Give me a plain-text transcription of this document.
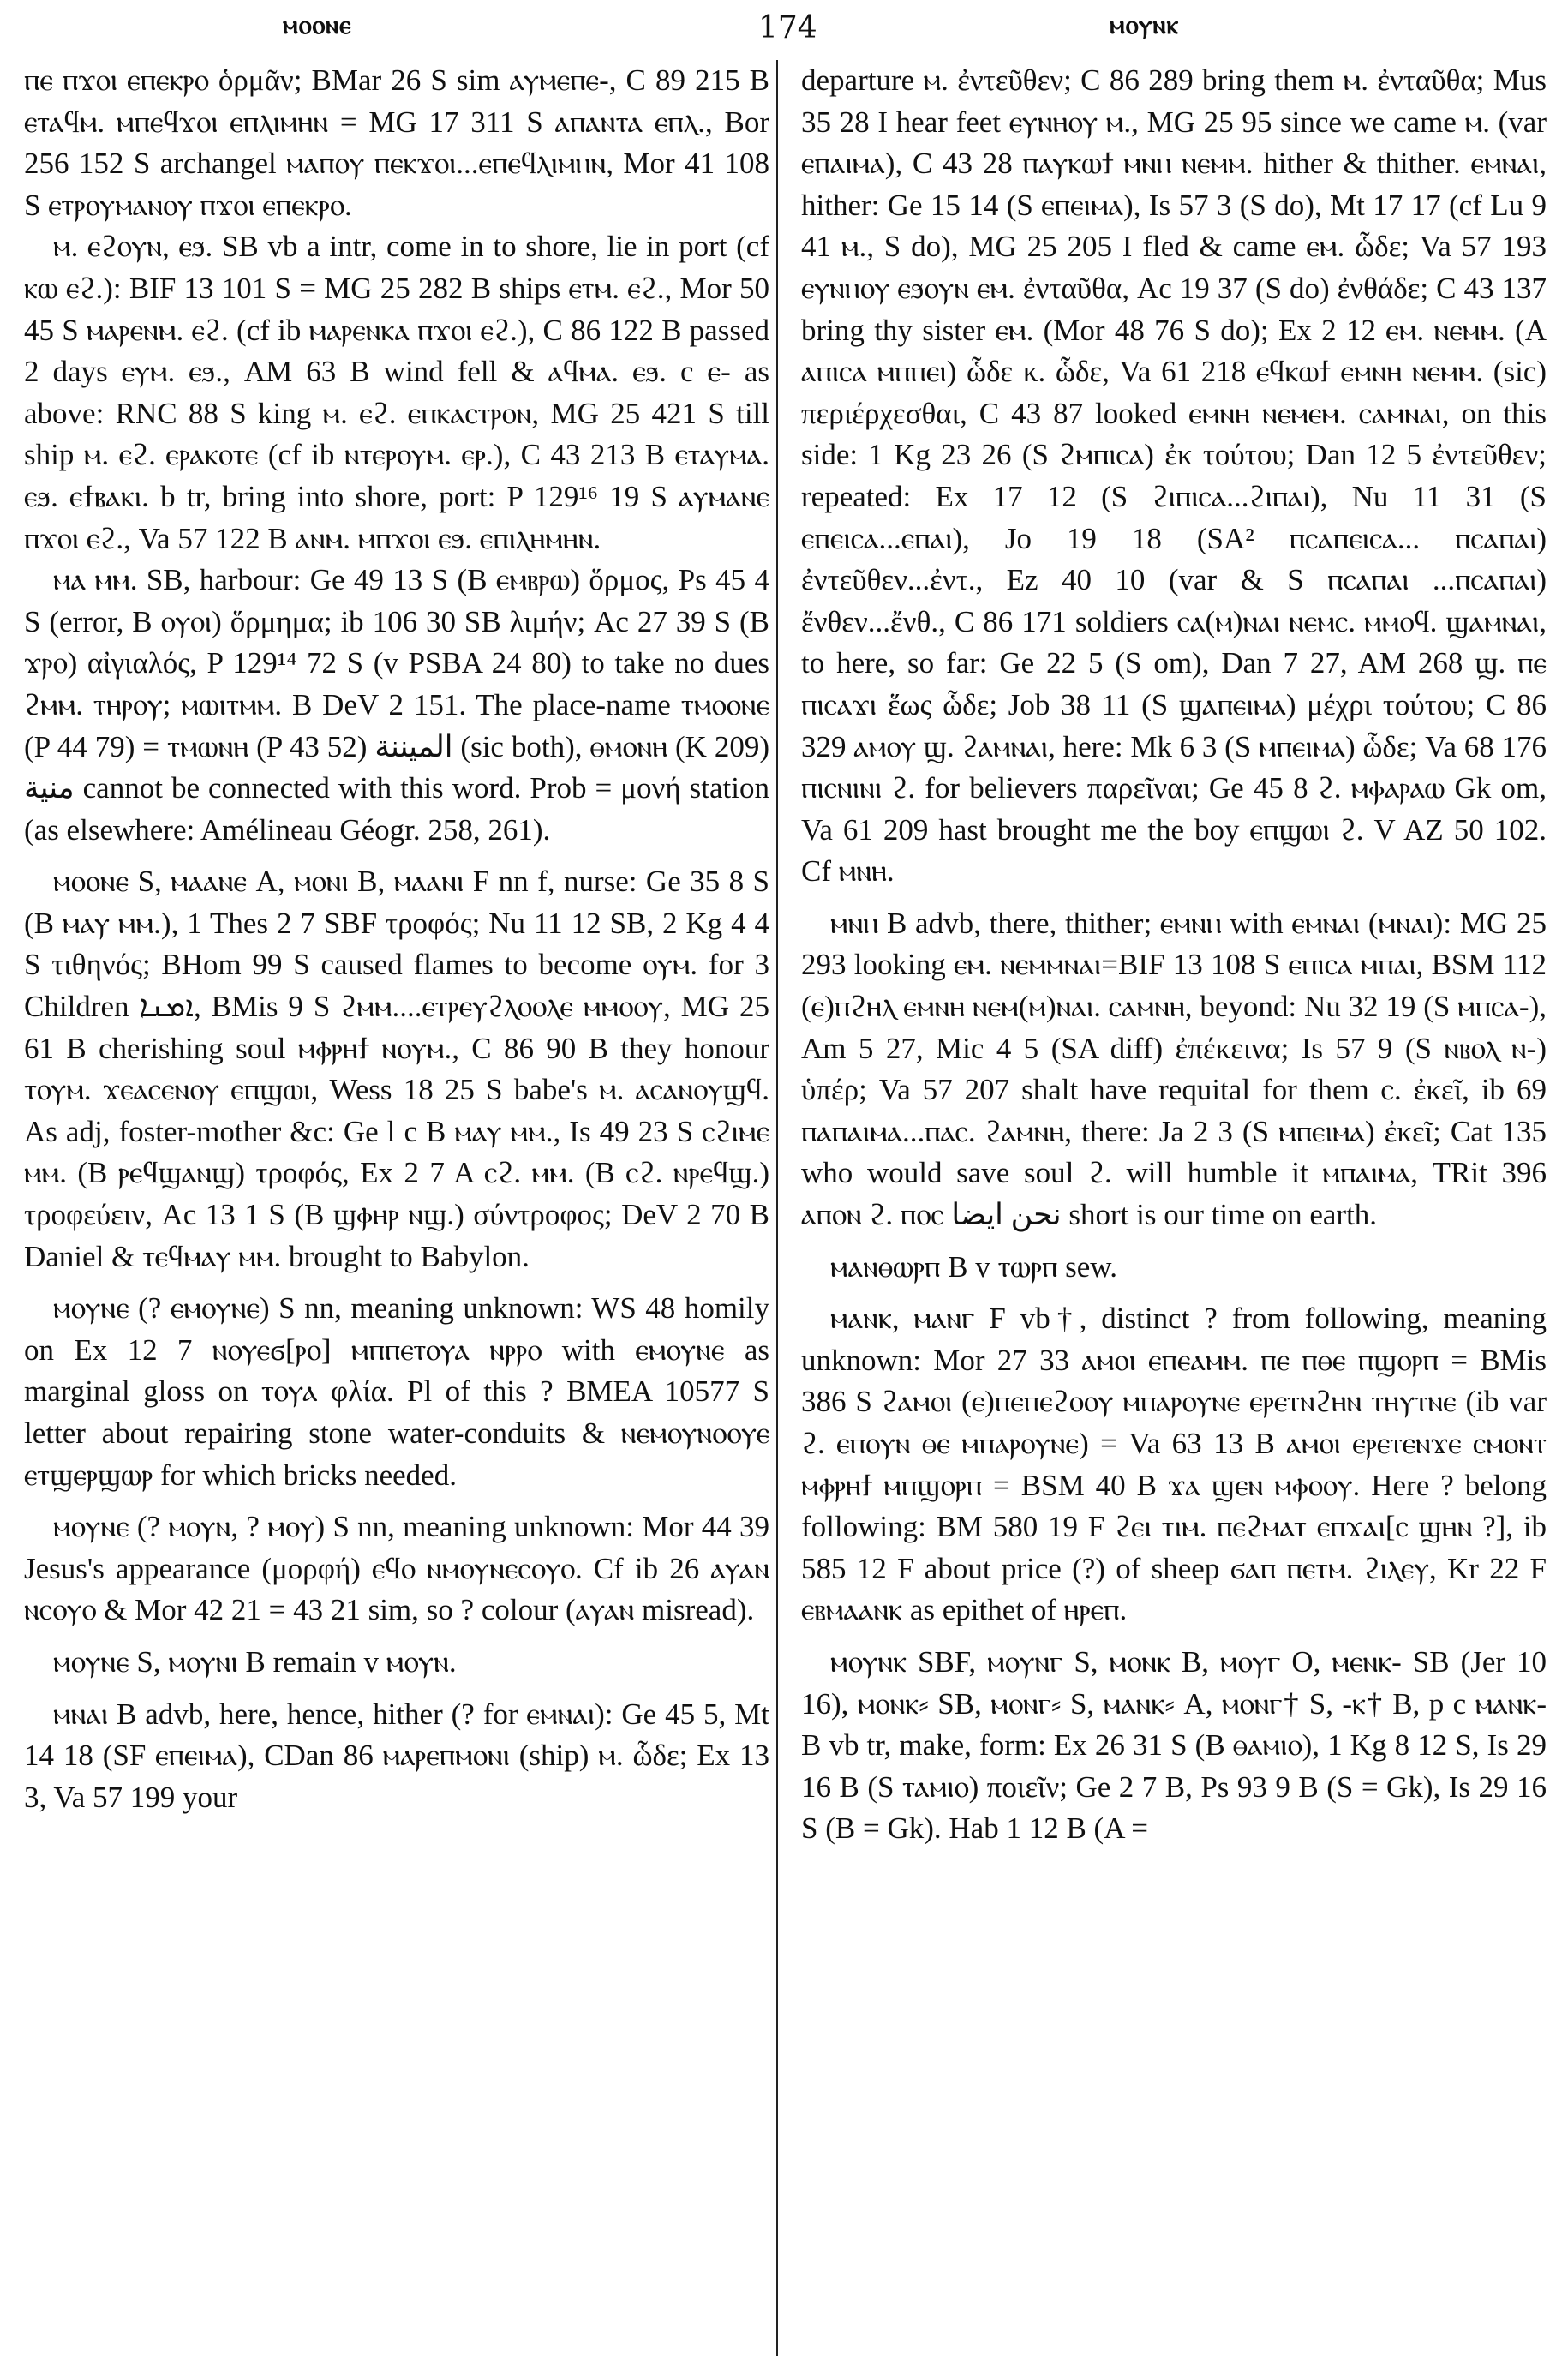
ⲙⲟⲟⲛⲉ	174	ⲙⲟⲩⲛⲕ

ⲡⲉ ⲡϫⲟⲓ ⲉⲡⲉⲕⲣⲟ ὁρμᾶν; BMar 26 S sim ⲁⲩⲙⲉⲡⲉ-, C 89 215 B ⲉⲧⲁϥⲙ. ⲙⲡⲉϥϫⲟⲓ ⲉⲡⲗⲓⲙⲏⲛ = MG 17 311 S ⲁⲡⲁⲛⲧⲁ ⲉⲡⲗ., Bor 256 152 S archangel ⲙⲁⲡⲟⲩ ⲡⲉⲕϫⲟⲓ...ⲉⲡⲉϥⲗⲓⲙⲏⲛ, Mor 41 108 S ⲉⲧⲣⲟⲩⲙⲁⲛⲟⲩ ⲡϫⲟⲓ ⲉⲡⲉⲕⲣⲟ.

ⲙ. ⲉϩⲟⲩⲛ, ⲉϧ. SB vb a intr, come in to shore, lie in port (cf ⲕⲱ ⲉϩ.): BIF 13 101 S = MG 25 282 B ships ⲉⲧⲙ. ⲉϩ., Mor 50 45 S ⲙⲁⲣⲉⲛⲙ. ⲉϩ. (cf ib ⲙⲁⲣⲉⲛⲕⲁ ⲡϫⲟⲓ ⲉϩ.), C 86 122 B passed 2 days ⲉⲩⲙ. ⲉϧ., AM 63 B wind fell & ⲁϥⲙⲁ. ⲉϧ. c ⲉ- as above: RNC 88 S king ⲙ. ⲉϩ. ⲉⲡⲕⲁⲥⲧⲣⲟⲛ, MG 25 421 S till ship ⲙ. ⲉϩ. ⲉⲣⲁⲕⲟⲧⲉ (cf ib ⲛⲧⲉⲣⲟⲩⲙ. ⲉⲣ.), C 43 213 B ⲉⲧⲁⲩⲙⲁ. ⲉϧ. ⲉϯⲃⲁⲕⲓ. b tr, bring into shore, port: P 129¹⁶ 19 S ⲁⲩⲙⲁⲛⲉ ⲡϫⲟⲓ ⲉϩ., Va 57 122 B ⲁⲛⲙ. ⲙⲡϫⲟⲓ ⲉϧ. ⲉⲡⲓⲗⲏⲙⲏⲛ.

ⲙⲁ ⲙⲙ. SB, harbour: Ge 49 13 S (B ⲉⲙⲃⲣⲱ) ὅρμος, Ps 45 4 S (error, B ⲟⲩⲟⲓ) ὅρμημα; ib 106 30 SB λιμήν; Ac 27 39 S (B ϫⲣⲟ) αἰγιαλός, P 129¹⁴ 72 S (v PSBA 24 80) to take no dues ϩⲙⲙ. ⲧⲏⲣⲟⲩ; ⲙⲱⲓⲧⲙⲙ. B DeV 2 151. The place-name ⲧⲙⲟⲟⲛⲉ (P 44 79) = ⲧⲙⲱⲛⲏ (P 43 52) الميننة (sic both), ⲑⲙⲟⲛⲏ (K 209) منية cannot be connected with this word. Prob = μονή station (as elsewhere: Amélineau Géogr. 258, 261).

ⲙⲟⲟⲛⲉ S, ⲙⲁⲁⲛⲉ A, ⲙⲟⲛⲓ B, ⲙⲁⲁⲛⲓ F nn f, nurse: Ge 35 8 S (B ⲙⲁⲩ ⲙⲙ.), 1 Thes 2 7 SBF τροφός; Nu 11 12 SB, 2 Kg 4 4 S τιθηνός; BHom 99 S caused flames to become ⲟⲩⲙ. for 3 Children ܐܡܢܐ, BMis 9 S ϩⲙⲙ....ⲉⲧⲣⲉⲩϩⲗⲟⲟⲗⲉ ⲙⲙⲟⲟⲩ, MG 25 61 B cherishing soul ⲙⲫⲣⲏϯ ⲛⲟⲩⲙ., C 86 90 B they honour ⲧⲟⲩⲙ. ϫⲉⲁⲥⲉⲛⲟⲩ ⲉⲡϣⲱⲓ, Wess 18 25 S babe's ⲙ. ⲁⲥⲁⲛⲟⲩϣϥ. As adj, foster-mother &c: Ge l c B ⲙⲁⲩ ⲙⲙ., Is 49 23 S ⲥϩⲓⲙⲉ ⲙⲙ. (B ⲣⲉϥϣⲁⲛϣ) τροφός, Ex 2 7 A ⲥϩ. ⲙⲙ. (B ⲥϩ. ⲛⲣⲉϥϣ.) τροφεύειν, Ac 13 1 S (B ϣⲫⲏⲣ ⲛϣ.) σύντροφος; DeV 2 70 B Daniel & ⲧⲉϥⲙⲁⲩ ⲙⲙ. brought to Babylon.

ⲙⲟⲩⲛⲉ (? ⲉⲙⲟⲩⲛⲉ) S nn, meaning unknown: WS 48 homily on Ex 12 7 ⲛⲟⲩⲉϭ[ⲣⲟ] ⲙⲡⲡⲉⲧⲟⲩⲁ ⲛⲣⲣⲟ with ⲉⲙⲟⲩⲛⲉ as marginal gloss on ⲧⲟⲩⲁ φλία. Pl of this ? BMEA 10577 S letter about repairing stone water-conduits & ⲛⲉⲙⲟⲩⲛⲟⲟⲩⲉ ⲉⲧϣⲉⲣϣⲱⲣ for which bricks needed.

ⲙⲟⲩⲛⲉ (? ⲙⲟⲩⲛ, ? ⲙⲟⲩ) S nn, meaning unknown: Mor 44 39 Jesus's appearance (μορφή) ⲉϥⲟ ⲛⲙⲟⲩⲛⲉⲥⲟⲩⲟ. Cf ib 26 ⲁⲩⲁⲛ ⲛⲥⲟⲩⲟ & Mor 42 21 = 43 21 sim, so ? colour (ⲁⲩⲁⲛ misread).

ⲙⲟⲩⲛⲉ S, ⲙⲟⲩⲛⲓ B remain v ⲙⲟⲩⲛ.

ⲙⲛⲁⲓ B advb, here, hence, hither (? for ⲉⲙⲛⲁⲓ): Ge 45 5, Mt 14 18 (SF ⲉⲡⲉⲓⲙⲁ), CDan 86 ⲙⲁⲣⲉⲡⲙⲟⲛⲓ (ship) ⲙ. ὧδε; Ex 13 3, Va 57 199 your

departure ⲙ. ἐντεῦθεν; C 86 289 bring them ⲙ. ἐνταῦθα; Mus 35 28 I hear feet ⲉⲩⲛⲏⲟⲩ ⲙ., MG 25 95 since we came ⲙ. (var ⲉⲡⲁⲓⲙⲁ), C 43 28 ⲡⲁⲩⲕⲱϯ ⲙⲛⲏ ⲛⲉⲙⲙ. hither & thither. ⲉⲙⲛⲁⲓ, hither: Ge 15 14 (S ⲉⲡⲉⲓⲙⲁ), Is 57 3 (S do), Mt 17 17 (cf Lu 9 41 ⲙ., S do), MG 25 205 I fled & came ⲉⲙ. ὧδε; Va 57 193 ⲉⲩⲛⲏⲟⲩ ⲉϧⲟⲩⲛ ⲉⲙ. ἐνταῦθα, Ac 19 37 (S do) ἐνθάδε; C 43 137 bring thy sister ⲉⲙ. (Mor 48 76 S do); Ex 2 12 ⲉⲙ. ⲛⲉⲙⲙ. (A ⲁⲡⲓⲥⲁ ⲙⲡⲡⲉⲓ) ὧδε κ. ὧδε, Va 61 218 ⲉϥⲕⲱϯ ⲉⲙⲛⲏ ⲛⲉⲙⲙ. (sic) περιέρχεσθαι, C 43 87 looked ⲉⲙⲛⲏ ⲛⲉⲙⲉⲙ. ⲥⲁⲙⲛⲁⲓ, on this side: 1 Kg 23 26 (S ϩⲙⲡⲓⲥⲁ) ἐκ τούτου; Dan 12 5 ἐντεῦθεν; repeated: Ex 17 12 (S ϩⲓⲡⲓⲥⲁ...ϩⲓⲡⲁⲓ), Nu 11 31 (S ⲉⲡⲉⲓⲥⲁ...ⲉⲡⲁⲓ), Jo 19 18 (SA² ⲡⲥⲁⲡⲉⲓⲥⲁ... ⲡⲥⲁⲡⲁⲓ) ἐντεῦθεν...ἐντ., Ez 40 10 (var & S ⲡⲥⲁⲡⲁⲓ ...ⲡⲥⲁⲡⲁⲓ) ἔνθεν...ἔνθ., C 86 171 soldiers ⲥⲁ(ⲙ)ⲛⲁⲓ ⲛⲉⲙⲥ. ⲙⲙⲟϥ. ϣⲁⲙⲛⲁⲓ, to here, so far: Ge 22 5 (S om), Dan 7 27, AM 268 ϣ. ⲡⲉ ⲡⲓⲥⲁϫⲓ ἕως ὧδε; Job 38 11 (S ϣⲁⲡⲉⲓⲙⲁ) μέχρι τούτου; C 86 329 ⲁⲙⲟⲩ ϣ. ϩⲁⲙⲛⲁⲓ, here: Mk 6 3 (S ⲙⲡⲉⲓⲙⲁ) ὧδε; Va 68 176 ⲡⲓⲥⲛⲓⲛⲓ ϩ. for believers παρεῖναι; Ge 45 8 ϩ. ⲙⲫⲁⲣⲁⲱ Gk om, Va 61 209 hast brought me the boy ⲉⲡϣⲱⲓ ϩ. V AZ 50 102. Cf ⲙⲛⲏ.

ⲙⲛⲏ B advb, there, thither; ⲉⲙⲛⲏ with ⲉⲙⲛⲁⲓ (ⲙⲛⲁⲓ): MG 25 293 looking ⲉⲙ. ⲛⲉⲙⲙⲛⲁⲓ=BIF 13 108 S ⲉⲡⲓⲥⲁ ⲙⲡⲁⲓ, BSM 112 (ⲉ)ⲡϩⲏⲗ ⲉⲙⲛⲏ ⲛⲉⲙ(ⲙ)ⲛⲁⲓ. ⲥⲁⲙⲛⲏ, beyond: Nu 32 19 (S ⲙⲡⲥⲁ-), Am 5 27, Mic 4 5 (SA diff) ἐπέκεινα; Is 57 9 (S ⲛⲃⲟⲗ ⲛ-) ὑπέρ; Va 57 207 shalt have requital for them ⲥ. ἐκεῖ, ib 69 ⲡⲁⲡⲁⲓⲙⲁ...ⲡⲁⲥ. ϩⲁⲙⲛⲏ, there: Ja 2 3 (S ⲙⲡⲉⲓⲙⲁ) ἐκεῖ; Cat 135 who would save soul ϩ. will humble it ⲙⲡⲁⲓⲙⲁ, TRit 396 ⲁⲡⲟⲛ ϩ. ⲡⲟⲥ نحن ايضا short is our time on earth.

ⲙⲁⲛⲑⲱⲣⲡ B v ⲧⲱⲣⲡ sew.

ⲙⲁⲛⲕ, ⲙⲁⲛⲅ F vb†, distinct ? from following, meaning unknown: Mor 27 33 ⲁⲙⲟⲓ ⲉⲡⲉⲁⲙⲙ. ⲡⲉ ⲡⲑⲉ ⲡϣⲟⲣⲡ = BMis 386 S ϩⲁⲙⲟⲓ (ⲉ)ⲡⲉⲡⲉϩⲟⲟⲩ ⲙⲡⲁⲣⲟⲩⲛⲉ ⲉⲣⲉⲧⲛϩⲏⲛ ⲧⲏⲩⲧⲛⲉ (ib var ϩ. ⲉⲡⲟⲩⲛ ⲑⲉ ⲙⲡⲁⲣⲟⲩⲛⲉ) = Va 63 13 B ⲁⲙⲟⲓ ⲉⲣⲉⲧⲉⲛϫⲉ ⲥⲙⲟⲛⲧ ⲙⲫⲣⲏϯ ⲙⲡϣⲟⲣⲡ = BSM 40 B ϫⲁ ϣⲉⲛ ⲙⲫⲟⲟⲩ. Here ? belong following: BM 580 19 F ϩⲉⲓ ⲧⲓⲙ. ⲡⲉϩⲙⲁⲧ ⲉⲡϫⲁⲓ[ⲥ ϣⲏⲛ ?], ib 585 12 F about price (?) of sheep ϭⲁⲡ ⲡⲉⲧⲙ. ϩⲓⲗⲉⲩ, Kr 22 F ⲉⲃⲙⲁⲁⲛⲕ as epithet of ⲏⲣⲉⲡ.

ⲙⲟⲩⲛⲕ SBF, ⲙⲟⲩⲛⲅ S, ⲙⲟⲛⲕ B, ⲙⲟⲩⲅ O, ⲙⲉⲛⲕ- SB (Jer 10 16), ⲙⲟⲛⲕ⸗ SB, ⲙⲟⲛⲅ⸗ S, ⲙⲁⲛⲕ⸗ A, ⲙⲟⲛⲅ† S, -ⲕ† B, p c ⲙⲁⲛⲕ- B vb tr, make, form: Ex 26 31 S (B ⲑⲁⲙⲓⲟ), 1 Kg 8 12 S, Is 29 16 B (S ⲧⲁⲙⲓⲟ) ποιεῖν; Ge 2 7 B, Ps 93 9 B (S = Gk), Is 29 16 S (B = Gk). Hab 1 12 B (A =
